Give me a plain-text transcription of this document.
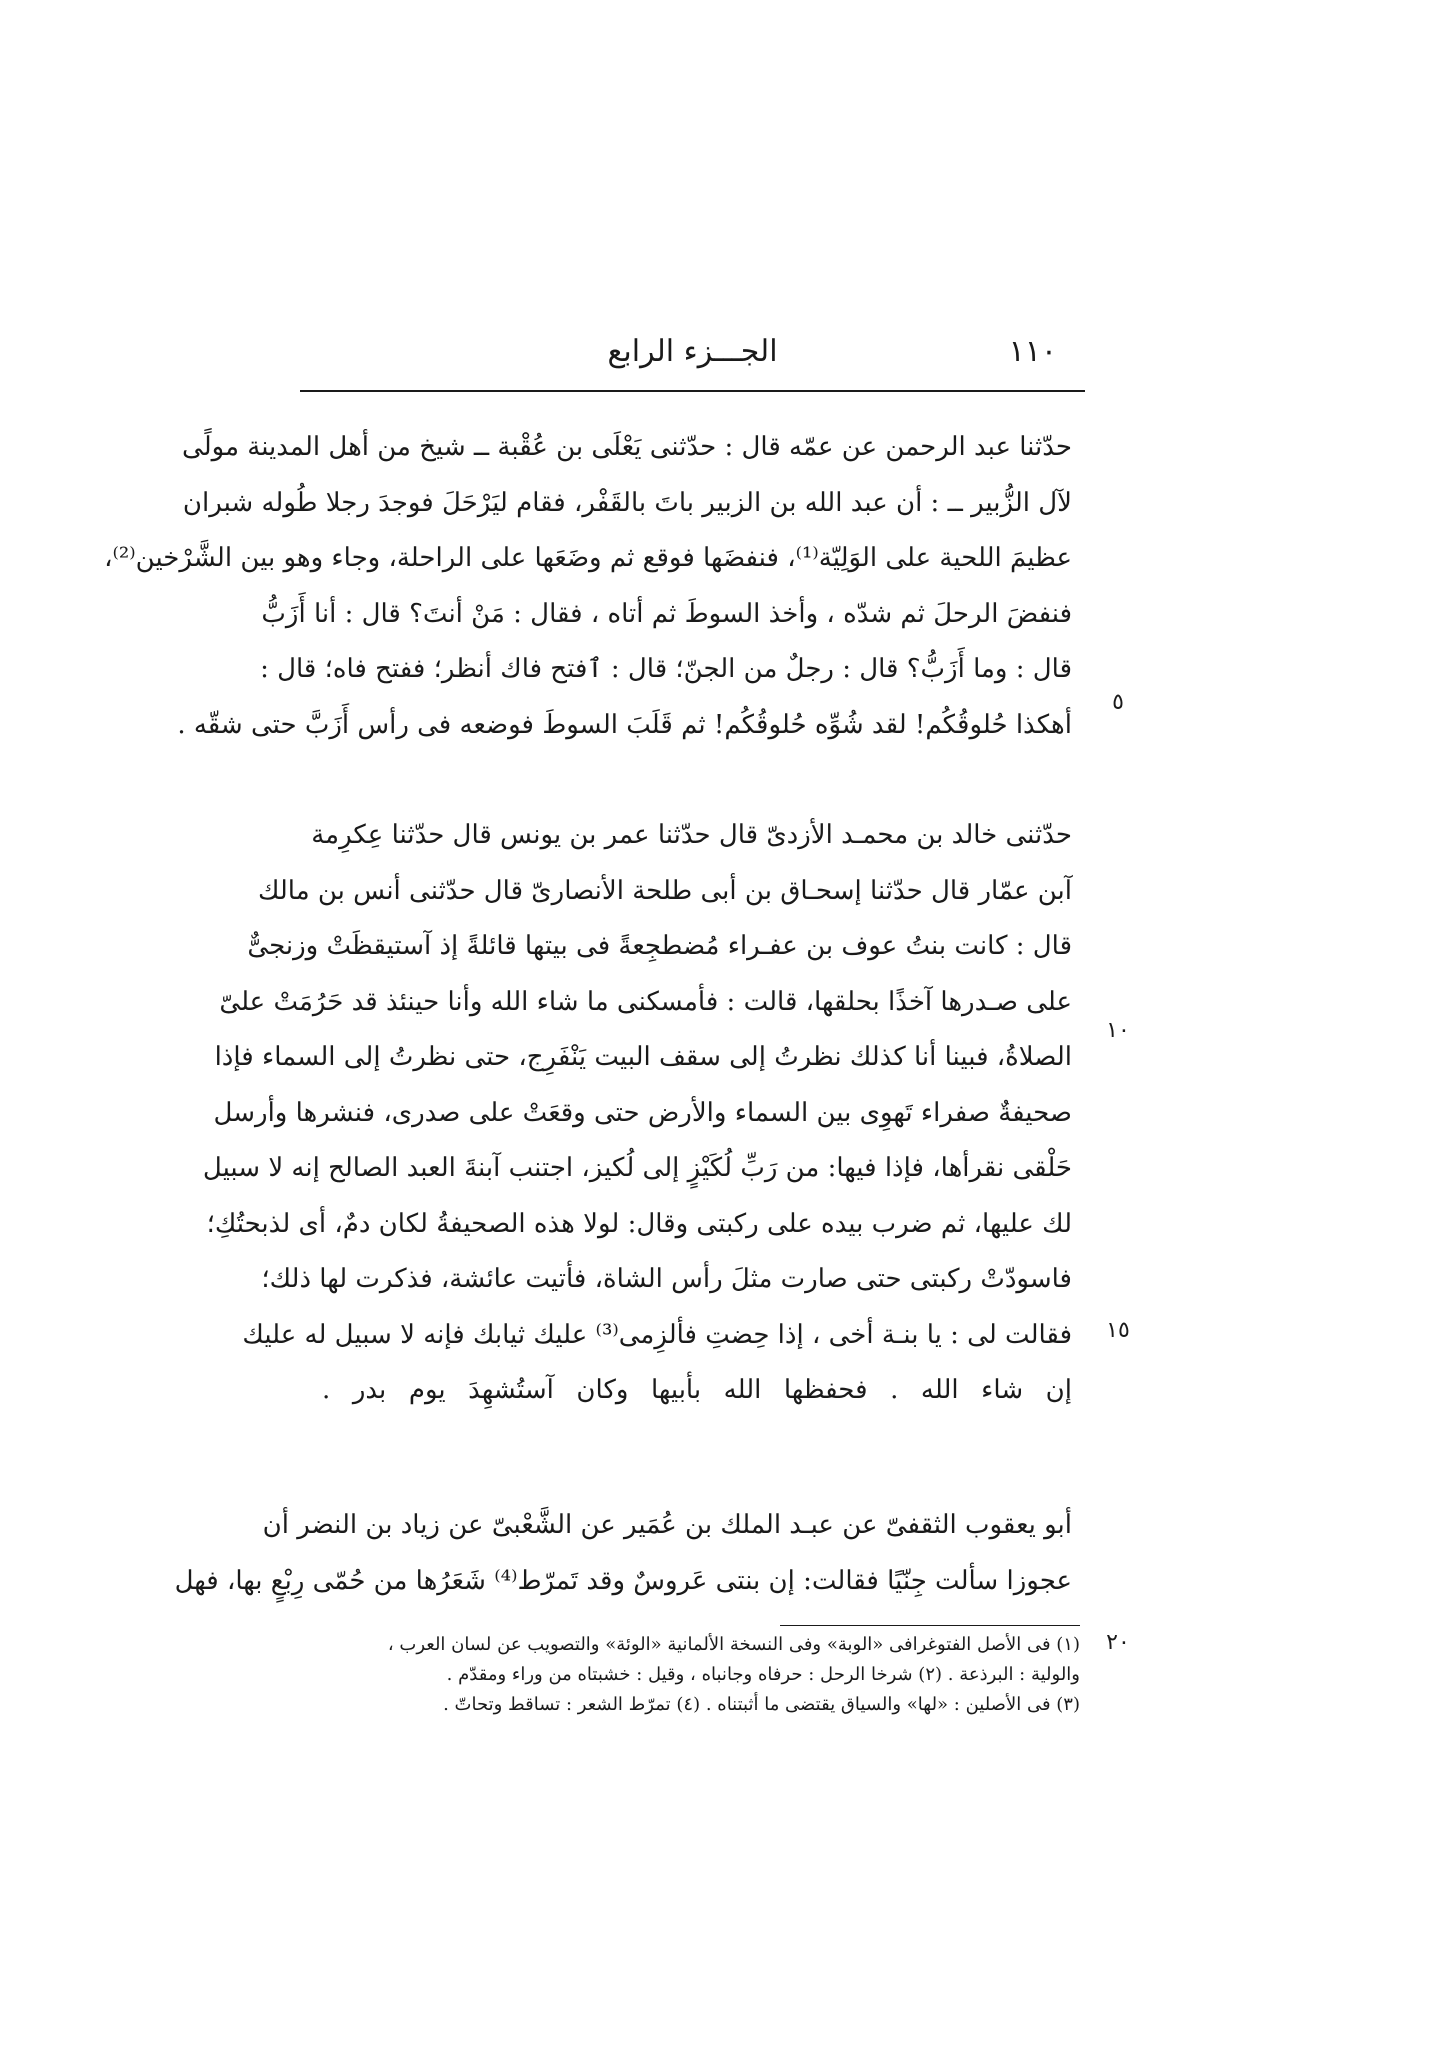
١١٠
الجـــزء الرابع
٥
١٠
١٥
٢٠
حدّثنا عبد الرحمن عن عمّه قال : حدّثنى يَعْلَى بن عُقْبة ــ شيخ من أهل المدينة مولًى
لآل الزُّبير ــ : أن عبد الله بن الزبير باتَ بالقَفْر، فقام ليَرْحَلَ فوجدَ رجلا طُوله شبران
عظيمَ اللحية على الوَلِيّة⁽¹⁾، فنفضَها فوقع ثم وضَعَها على الراحلة، وجاء وهو بين الشَّرْخين⁽²⁾،
فنفضَ الرحلَ ثم شدّه ، وأخذ السوطَ ثم أتاه ، فقال : مَنْ أنتَ؟ قال : أنا أَزَبُّ
قال : وما أَزَبُّ؟ قال : رجلٌ من الجنّ؛ قال : ٱفتح فاك أنظر؛ ففتح فاه؛ قال :
أهكذا حُلوقُكُم! لقد شُوِّه حُلوقُكُم! ثم قَلَبَ السوطَ فوضعه فى رأس أَزَبَّ حتى شقّه .
حدّثنى خالد بن محمـد الأزدىّ قال حدّثنا عمر بن يونس قال حدّثنا عِكرِمة
آبن عمّار قال حدّثنا إسحـاق بن أبى طلحة الأنصارىّ قال حدّثنى أنس بن مالك
قال : كانت بنتُ عوف بن عفـراء مُضطجِعةً فى بيتها قائلةً إذ آستيقظَتْ وزنجىٌّ
على صـدرها آخذًا بحلقها، قالت : فأمسكنى ما شاء الله وأنا حينئذ قد حَرُمَتْ علىّ
الصلاةُ، فبينا أنا كذلك نظرتُ إلى سقف البيت يَنْفَرِج، حتى نظرتُ إلى السماء فإذا
صحيفةٌ صفراء تَهوِى بين السماء والأرض حتى وقعَتْ على صدرى، فنشرها وأرسل
حَلْقى نقرأها، فإذا فيها: من رَبِّ لُكَيْزٍ إلى لُكيز، اجتنب آبنةَ العبد الصالح إنه لا سبيل
لك عليها، ثم ضرب بيده على ركبتى وقال: لولا هذه الصحيفةُ لكان دمٌ، أى لذبحتُكِ؛
فاسودّتْ ركبتى حتى صارت مثلَ رأس الشاة، فأتيت عائشة، فذكرت لها ذلك؛
فقالت لى : يا بنـة أخى ، إذا حِضتِ فألزِمى⁽³⁾ عليك ثيابك فإنه لا سبيل له عليك
إن شاء الله . فحفظها الله بأبيها وكان آستُشهِدَ يوم بدر .
أبو يعقوب الثقفىّ عن عبـد الملك بن عُمَير عن الشَّعْبىّ عن زياد بن النضر أن
عجوزا سألت جِنّيًا فقالت: إن بنتى عَروسٌ وقد تَمرّط⁽⁴⁾ شَعَرُها من حُمّى رِبْعٍ بها، فهل
(١) فى الأصل الفتوغرافى «الوبة» وفى النسخة الألمانية «الوئة» والتصويب عن لسان العرب ،
والولية : البرذعة . (٢) شرخا الرحل : حرفاه وجانباه ، وقيل : خشبتاه من وراء ومقدّم .
(٣) فى الأصلين : «لها» والسياق يقتضى ما أثبتناه . (٤) تمرّط الشعر : تساقط وتحاتّ .
